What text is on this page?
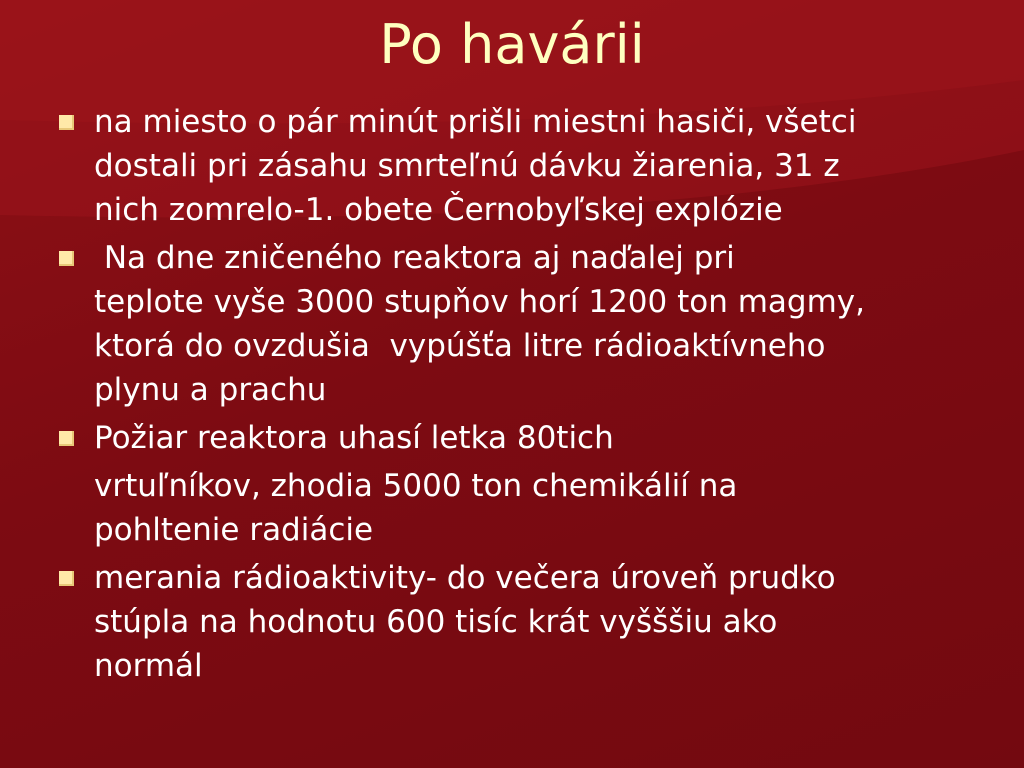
Po havárii
na miesto o pár minút prišli miestni hasiči, všetci
dostali pri zásahu smrteľnú dávku žiarenia, 31 z
nich zomrelo-1. obete Černobyľskej explózie
Na dne zničeného reaktora aj naďalej pri
teplote vyše 3000 stupňov horí 1200 ton magmy,
ktorá do ovzdušia  vypúšťa litre rádioaktívneho
plynu a prachu
Požiar reaktora uhasí letka 80tich
vrtuľníkov, zhodia 5000 ton chemikálií na
pohltenie radiácie
merania rádioaktivity- do večera úroveň prudko
stúpla na hodnotu 600 tisíc krát vyšššiu ako
normál
